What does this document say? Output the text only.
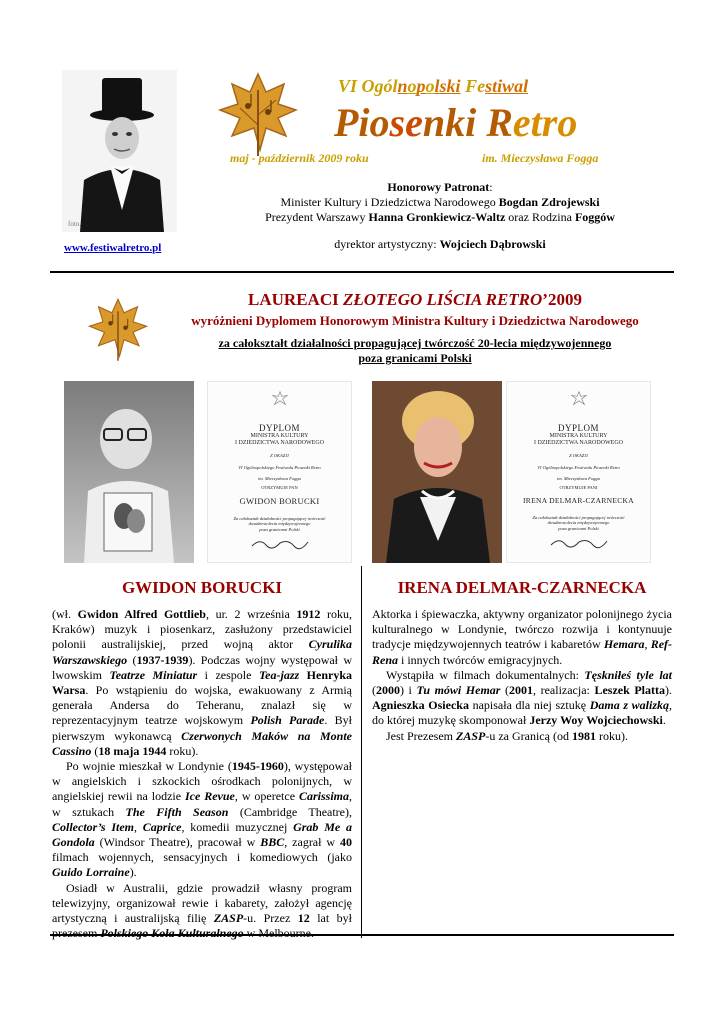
foto.
VI Ogólnopolski Festiwal
Piosenki Retro
maj - październik 2009 roku	im. Mieczysława Fogga
Honorowy Patronat:
Minister Kultury i Dziedzictwa Narodowego Bogdan Zdrojewski
Prezydent Warszawy Hanna Gronkiewicz-Waltz oraz Rodzina Foggów
dyrektor artystyczny: Wojciech Dąbrowski
www.festiwalretro.pl
LAUREACI ZŁOTEGO LIŚCIA RETRO’2009
wyróżnieni Dyplomem Honorowym Ministra Kultury i Dziedzictwa Narodowego
za całokształt działalności propagującej twórczość 20-lecia międzywojennego
poza granicami Polski
DYPLOM
MINISTRA KULTURY
I DZIEDZICTWA NARODOWEGO
Z OKAZJI
VI Ogólnopolskiego Festiwalu Piosenki Retro
im. Mieczysława Fogga
OTRZYMUJE PAN
GWIDON BORUCKI
Za całokształt działalności propagującej twórczość
dwudziestolecia międzywojennego
poza granicami Polski
DYPLOM
MINISTRA KULTURY
I DZIEDZICTWA NARODOWEGO
Z OKAZJI
VI Ogólnopolskiego Festiwalu Piosenki Retro
im. Mieczysława Fogga
OTRZYMUJE PANI
IRENA DELMAR-CZARNECKA
Za całokształt działalności propagującej twórczość
dwudziestolecia międzywojennego
poza granicami Polski
GWIDON BORUCKI	IRENA DELMAR-CZARNECKA

(wł. Gwidon Alfred Gottlieb, ur. 2 września 1912 roku, Kraków) muzyk i piosenkarz, zasłużony przedstawiciel polonii australijskiej, przed wojną aktor Cyrulika Warszawskiego (1937-1939). Podczas wojny występował w lwowskim Teatrze Miniatur i zespole Tea-jazz Henryka Warsa. Po wstąpieniu do wojska, ewakuowany z Armią generała Andersa do Teheranu, znalazł się w reprezentacyjnym teatrze wojskowym Polish Parade. Był pierwszym wykonawcą Czerwonych Maków na Monte Cassino (18 maja 1944 roku).

Po wojnie mieszkał w Londynie (1945-1960), występował w angielskich i szkockich ośrodkach polonijnych, w angielskiej rewii na lodzie Ice Revue, w operetce Carissima, w sztukach The Fifth Season (Cambridge Theatre), Collector’s Item, Caprice, komedii muzycznej Grab Me a Gondola (Windsor Theatre), pracował w BBC, zagrał w 40 filmach wojennych, sensacyjnych i komediowych (jako Guido Lorraine).

Osiadł w Australii, gdzie prowadził własny program telewizyjny, organizował rewie i kabarety, założył agencję artystyczną i australijską filię ZASP-u. Przez 12 lat był

Aktorka i śpiewaczka, aktywny organizator polonijnego życia kulturalnego w Londynie, twórczo rozwija i kontynuuje tradycje międzywojennych teatrów i kabaretów Hemara, Ref-Rena i innych twórców emigracyjnych.

Wystąpiła w filmach dokumentalnych: Tęskniłeś tyle lat (2000) i Tu mówi Hemar (2001, realizacja: Leszek Platta). Agnieszka Osiecka napisała dla niej sztukę Dama z walizką, do której muzykę skomponował Jerzy Woy Wojciechowski.

Jest Prezesem ZASP-u za Granicą (od 1981 roku).
